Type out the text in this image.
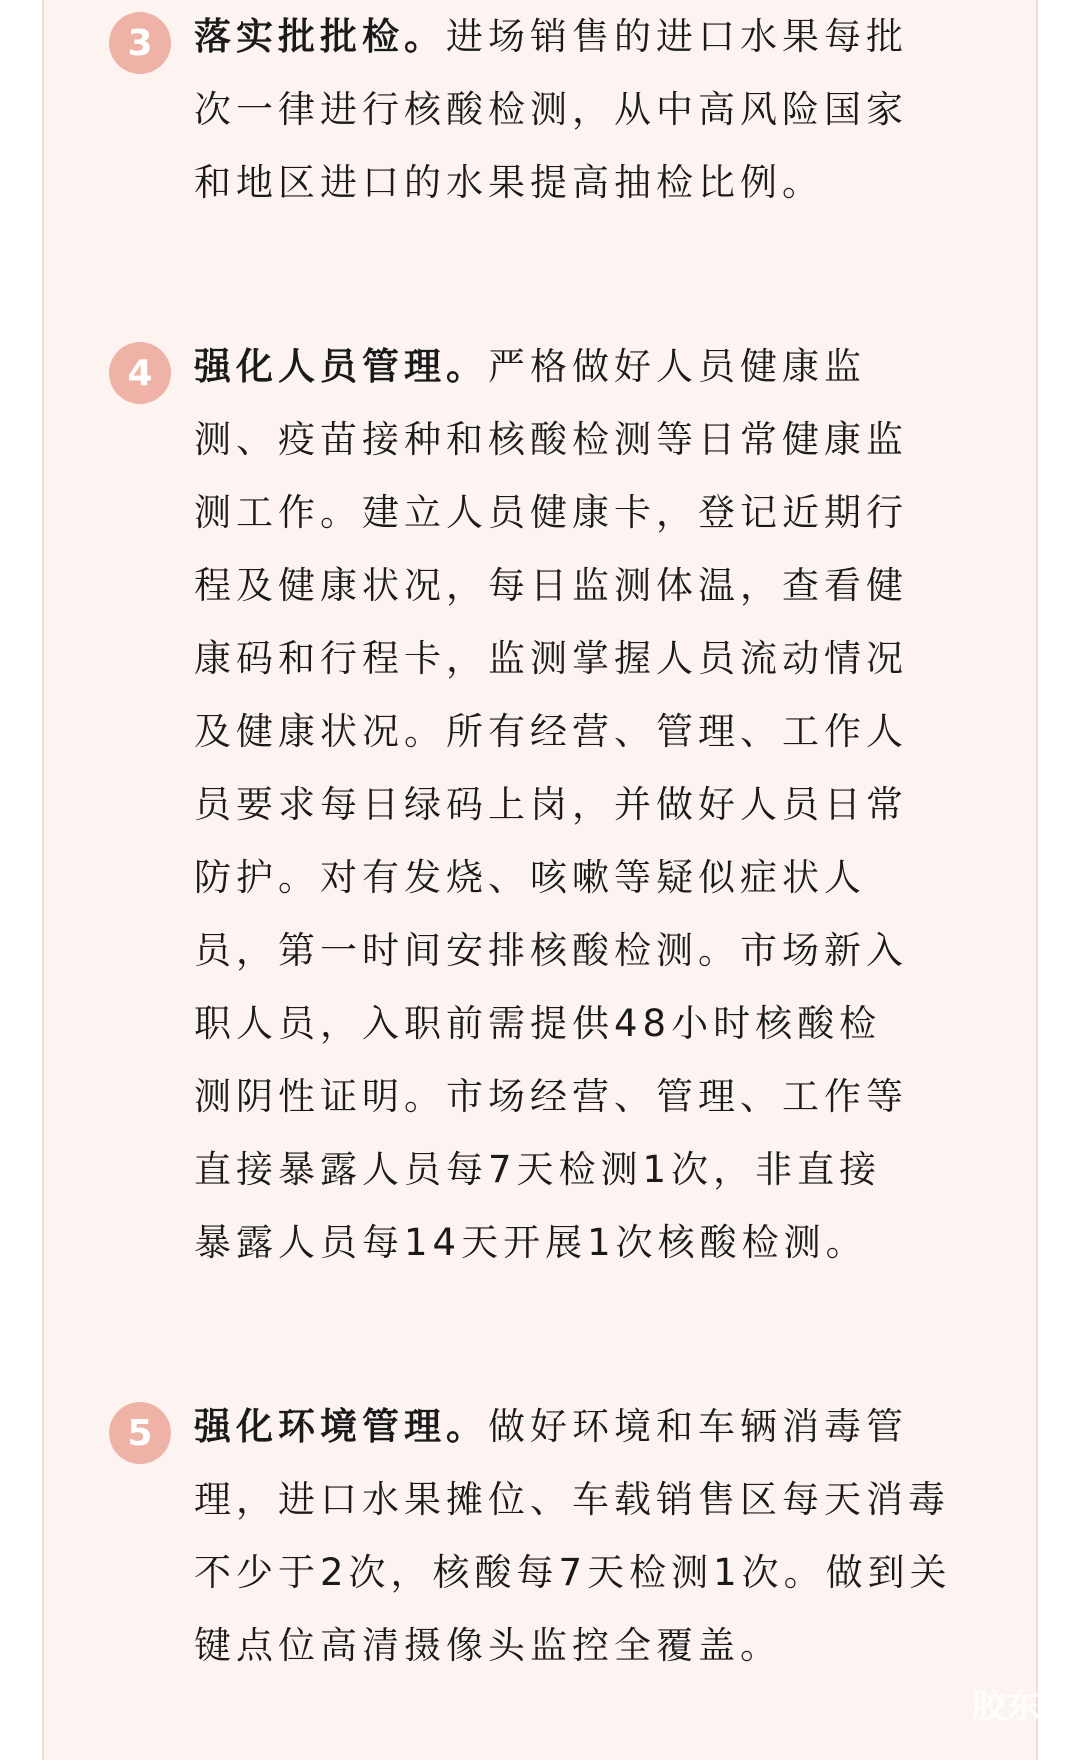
3	落实批批检。进场销售的进口水果每批
次一律进行核酸检测，从中高风险国家
和地区进口的水果提高抽检比例。

4	强化人员管理。严格做好人员健康监
测、疫苗接种和核酸检测等日常健康监
测工作。建立人员健康卡，登记近期行
程及健康状况，每日监测体温，查看健
康码和行程卡，监测掌握人员流动情况
及健康状况。所有经营、管理、工作人
员要求每日绿码上岗，并做好人员日常
防护。对有发烧、咳嗽等疑似症状人
员，第一时间安排核酸检测。市场新入
职人员，入职前需提供48小时核酸检
测阴性证明。市场经营、管理、工作等
直接暴露人员每7天检测1次，非直接
暴露人员每14天开展1次核酸检测。

5	强化环境管理。做好环境和车辆消毒管
理，进口水果摊位、车载销售区每天消毒
不少于2次，核酸每7天检测1次。做到关
键点位高清摄像头监控全覆盖。

胶东
